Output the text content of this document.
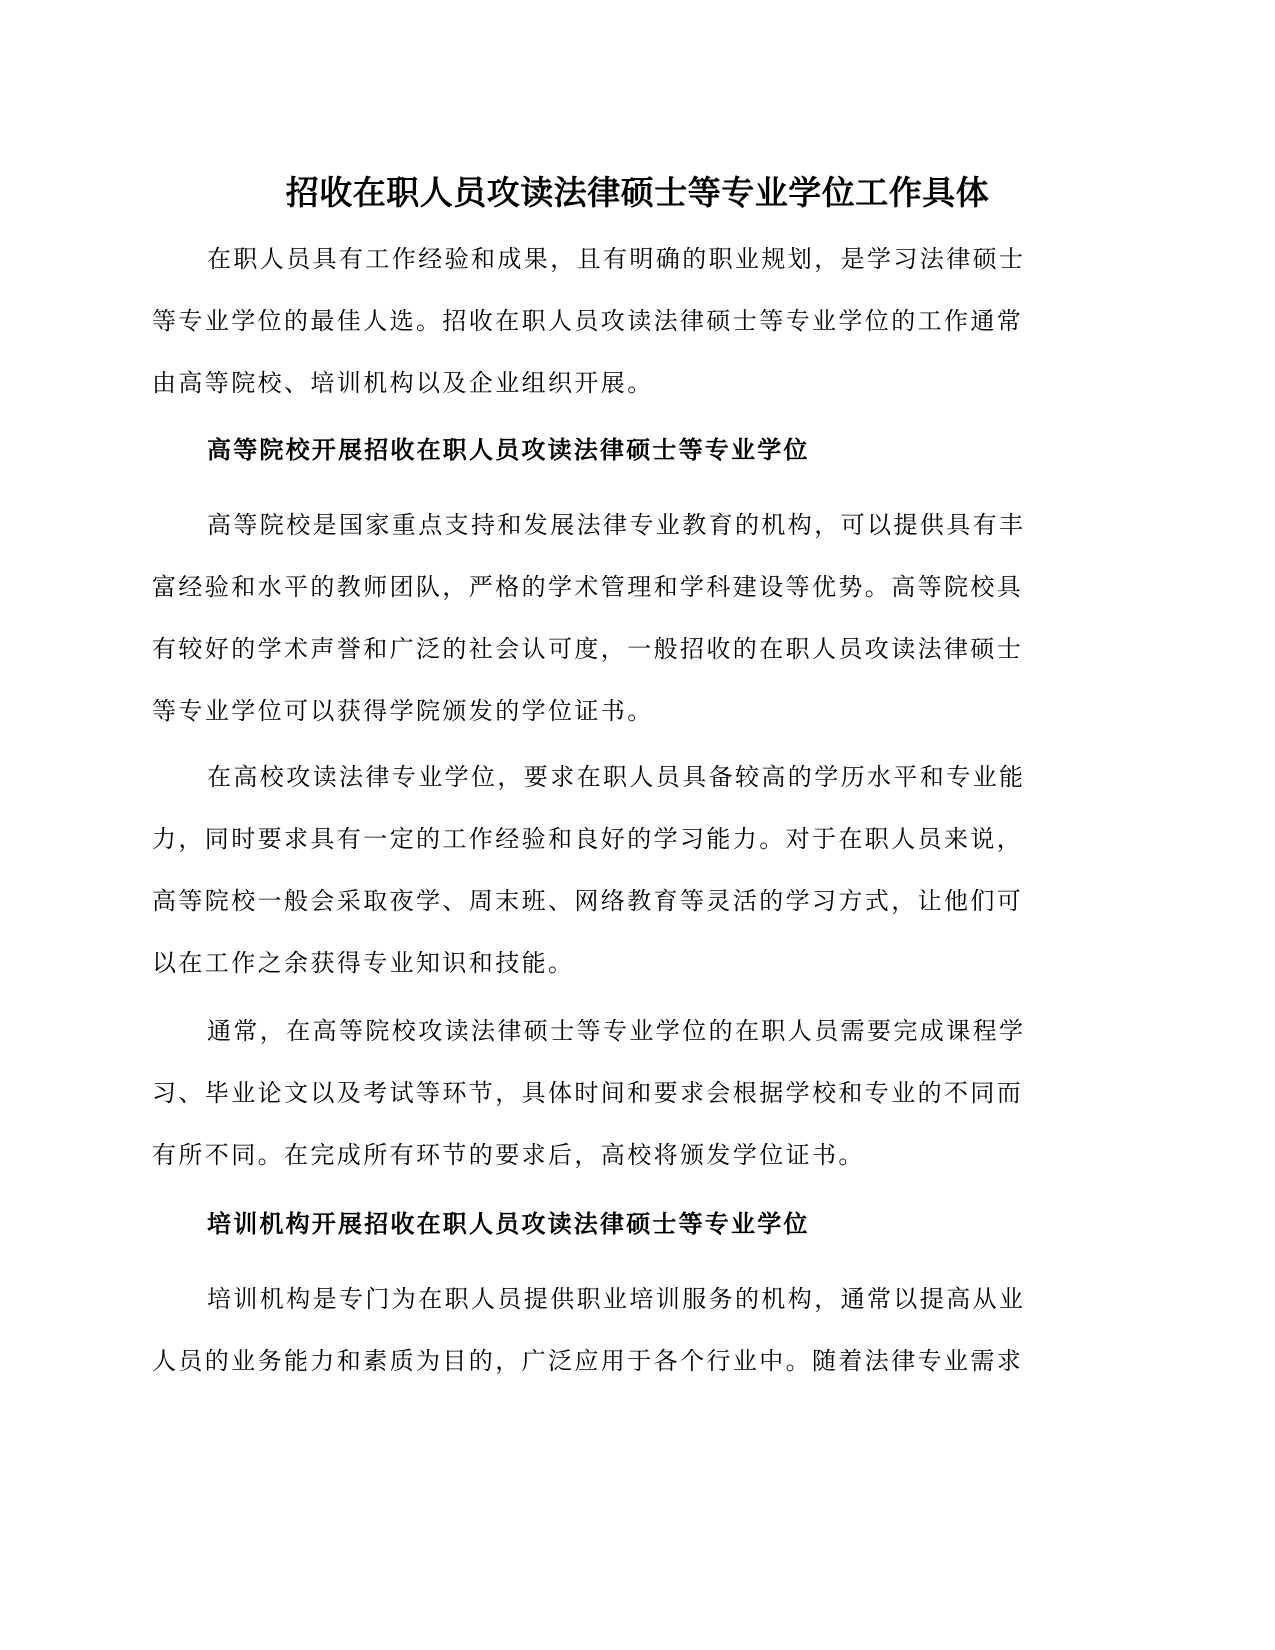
招收在职人员攻读法律硕士等专业学位工作具体
在职人员具有工作经验和成果，且有明确的职业规划，是学习法律硕士
等专业学位的最佳人选。招收在职人员攻读法律硕士等专业学位的工作通常
由高等院校、培训机构以及企业组织开展。
高等院校开展招收在职人员攻读法律硕士等专业学位
高等院校是国家重点支持和发展法律专业教育的机构，可以提供具有丰
富经验和水平的教师团队，严格的学术管理和学科建设等优势。高等院校具
有较好的学术声誉和广泛的社会认可度，一般招收的在职人员攻读法律硕士
等专业学位可以获得学院颁发的学位证书。
在高校攻读法律专业学位，要求在职人员具备较高的学历水平和专业能
力，同时要求具有一定的工作经验和良好的学习能力。对于在职人员来说，
高等院校一般会采取夜学、周末班、网络教育等灵活的学习方式，让他们可
以在工作之余获得专业知识和技能。
通常，在高等院校攻读法律硕士等专业学位的在职人员需要完成课程学
习、毕业论文以及考试等环节，具体时间和要求会根据学校和专业的不同而
有所不同。在完成所有环节的要求后，高校将颁发学位证书。
培训机构开展招收在职人员攻读法律硕士等专业学位
培训机构是专门为在职人员提供职业培训服务的机构，通常以提高从业
人员的业务能力和素质为目的，广泛应用于各个行业中。随着法律专业需求
